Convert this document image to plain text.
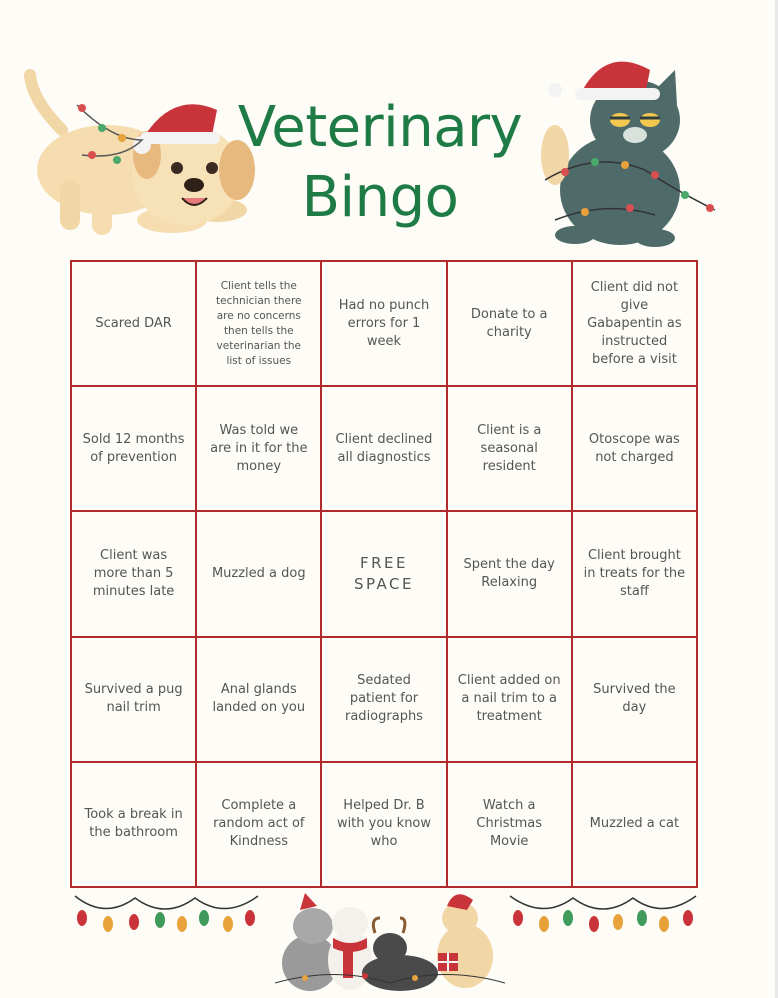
Veterinary
Bingo
Scared DAR
Client tells the technician there are no concerns then tells the veterinarian the list of issues
Had no punch errors for 1 week
Donate to a charity
Client did not give Gabapentin as instructed before a visit
Sold 12 months of prevention
Was told we are in it for the money
Client declined all diagnostics
Client is a seasonal resident
Otoscope was not charged
Client was more than 5 minutes late
Muzzled a dog
FREE SPACE
Spent the day Relaxing
Client brought in treats for the staff
Survived a pug nail trim
Anal glands landed on you
Sedated patient for radiographs
Client added on a nail trim to a treatment
Survived the day
Took a break in the bathroom
Complete a random act of Kindness
Helped Dr. B with you know who
Watch a Christmas Movie
Muzzled a cat
